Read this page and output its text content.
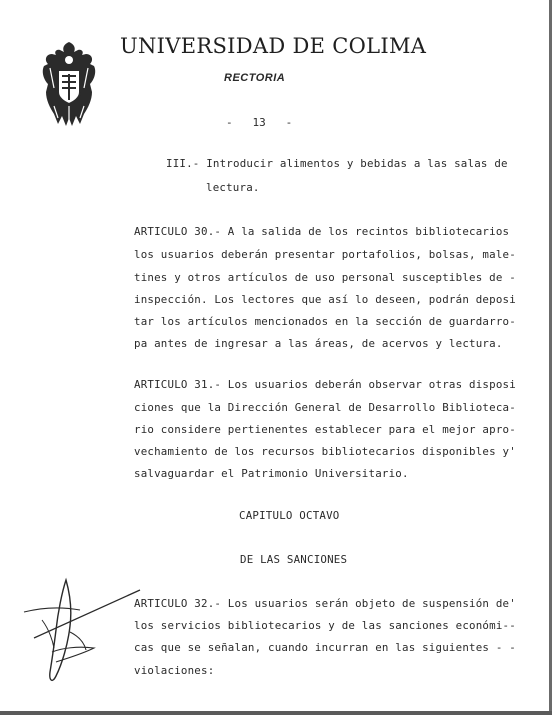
UNIVERSIDAD DE COLIMA
RECTORIA
-   13   -
III.- Introducir alimentos y bebidas a las salas de
lectura.
ARTICULO 30.- A la salida de los recintos bibliotecarios
los usuarios deberán presentar portafolios, bolsas, male-
tines y otros artículos de uso personal susceptibles de -
inspección. Los lectores que así lo deseen, podrán deposi
tar los artículos mencionados en la sección de guardarro-
pa antes de ingresar a las áreas, de acervos y lectura.
ARTICULO 31.- Los usuarios deberán observar otras disposi
ciones que la Dirección General de Desarrollo Biblioteca-
rio considere pertienentes establecer para el mejor apro-
vechamiento de los recursos bibliotecarios disponibles y'
salvaguardar el Patrimonio Universitario.
CAPITULO OCTAVO
DE LAS SANCIONES
ARTICULO 32.- Los usuarios serán objeto de suspensión de'
los servicios bibliotecarios y de las sanciones económi--
cas que se señalan, cuando incurran en las siguientes - -
violaciones:
